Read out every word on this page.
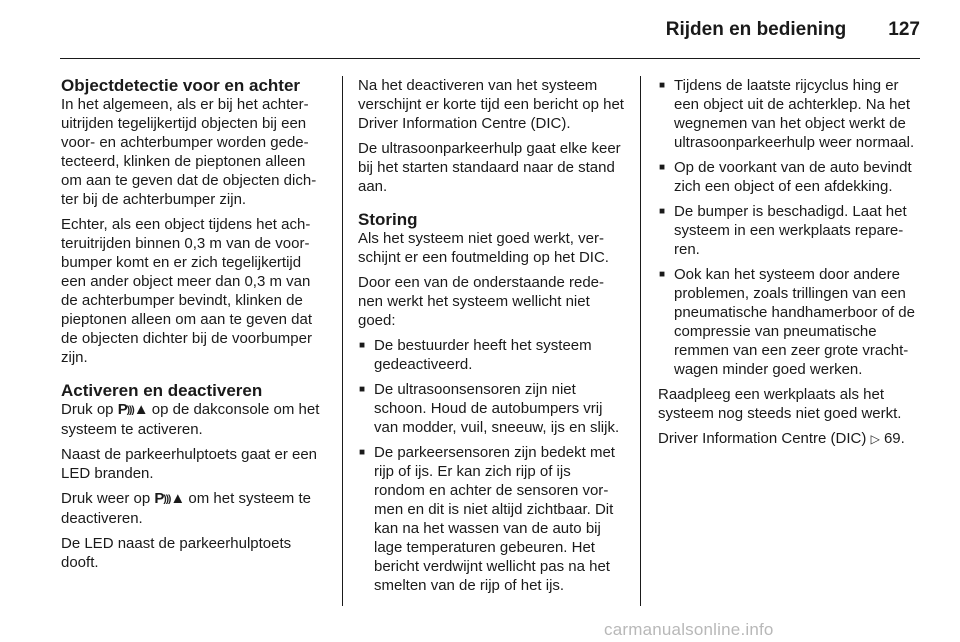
Rijden en bediening 127
Objectdetectie voor en achter

In het algemeen, als er bij het achteruitrijden tegelijkertijd objecten bij een voor- en achterbumper worden gedetecteerd, klinken de pieptonen alleen om aan te geven dat de objecten dichter bij de achterbumper zijn.

Echter, als een object tijdens het achteruitrijden binnen 0,3 m van de voorbumper komt en er zich tegelijkertijd een ander object meer dan 0,3 m van de achterbumper bevindt, klinken de pieptonen alleen om aan te geven dat de objecten dichter bij de voorbumper zijn.

Activeren en deactiveren

Druk op P)))▲ op de dakconsole om het systeem te activeren.

Naast de parkeerhulptoets gaat er een LED branden.

Druk weer op P)))▲ om het systeem te deactiveren.

De LED naast de parkeerhulptoets dooft.

Na het deactiveren van het systeem verschijnt er korte tijd een bericht op het Driver Information Centre (DIC).

De ultrasoonparkeerhulp gaat elke keer bij het starten standaard naar de stand aan.

Storing

Als het systeem niet goed werkt, verschijnt er een foutmelding op het DIC.

Door een van de onderstaande redenen werkt het systeem wellicht niet goed:

■ De bestuurder heeft het systeem gedeactiveerd.
■ De ultrasoonsensoren zijn niet schoon. Houd de autobumpers vrij van modder, vuil, sneeuw, ijs en slijk.
■ De parkeersensoren zijn bedekt met rijp of ijs. Er kan zich rijp of ijs rondom en achter de sensoren vormen en dit is niet altijd zichtbaar. Dit kan na het wassen van de auto bij lage temperaturen gebeuren. Het bericht verdwijnt wellicht pas na het smelten van de rijp of het ijs.
■ Tijdens de laatste rijcyclus hing er een object uit de achterklep. Na het wegnemen van het object werkt de ultrasoonparkeerhulp weer normaal.
■ Op de voorkant van de auto bevindt zich een object of een afdekking.
■ De bumper is beschadigd. Laat het systeem in een werkplaats repareren.
■ Ook kan het systeem door andere problemen, zoals trillingen van een pneumatische handhamerboor of de compressie van pneumatische remmen van een zeer grote vrachtwagen minder goed werken.

Raadpleeg een werkplaats als het systeem nog steeds niet goed werkt.

Driver Information Centre (DIC) ▷ 69.

carmanualsonline.info
